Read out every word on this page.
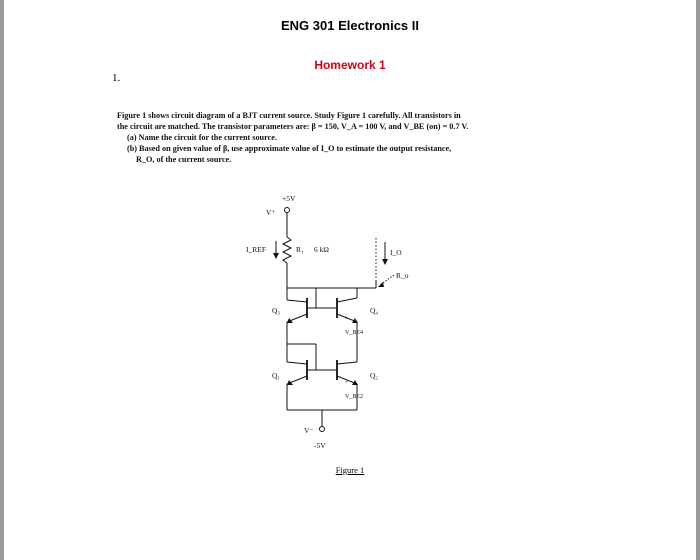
ENG 301 Electronics II
Homework 1
1.
Figure 1 shows circuit diagram of a BJT current source. Study Figure 1 carefully. All transistors in
the circuit are matched. The transistor parameters are: β = 150, V_A = 100 V, and V_BE (on) = 0.7 V.
(a) Name the circuit for the current source.
(b) Based on given value of β, use approximate value of I_O to estimate the output resistance,
R_O, of the current source.
+5V
V⁺
I_REF	R₁ 6 kΩ	I_O
R_o
Q₃	Q₄
+
V_BE4
Q₁	Q₂
+
V_BE2
V⁻
-5V
Figure 1
